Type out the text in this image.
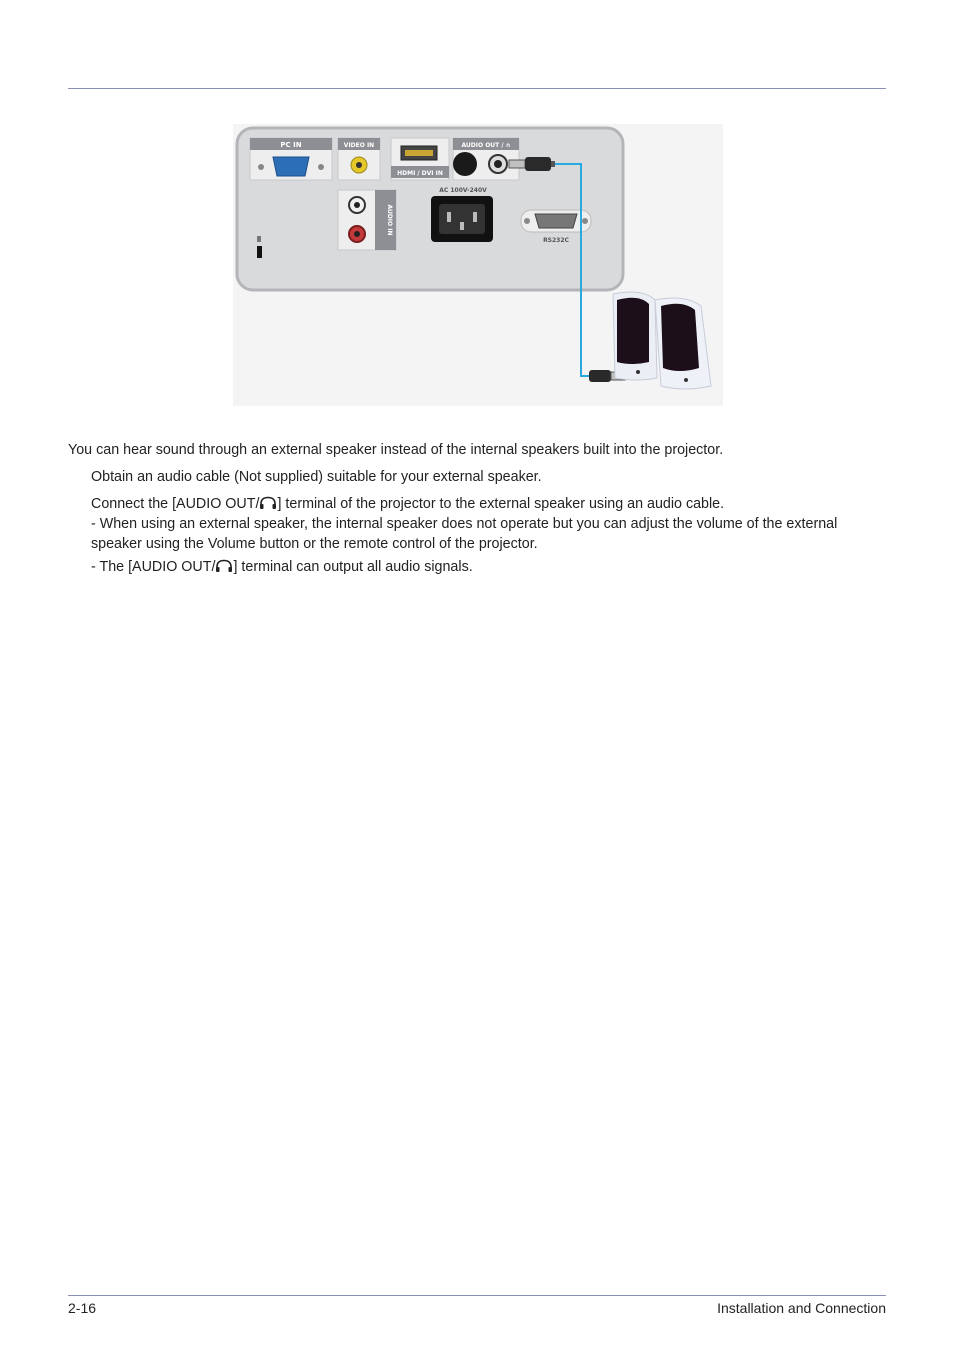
PC IN	VIDEO IN
HDMI / DVI IN
AUDIO OUT / ∩
AUDIO IN
AC 100V-240V
RS232C
You can hear sound through an external speaker instead of the internal speakers built into the projector.
Obtain an audio cable (Not supplied) suitable for your external speaker.
Connect the [AUDIO OUT/ ] terminal of the projector to the external speaker using an audio cable.
- When using an external speaker, the internal speaker does not operate but you can adjust the volume of the external
speaker using the Volume button or the remote control of the projector.
- The [AUDIO OUT/ ] terminal can output all audio signals.
2-16	Installation and Connection
